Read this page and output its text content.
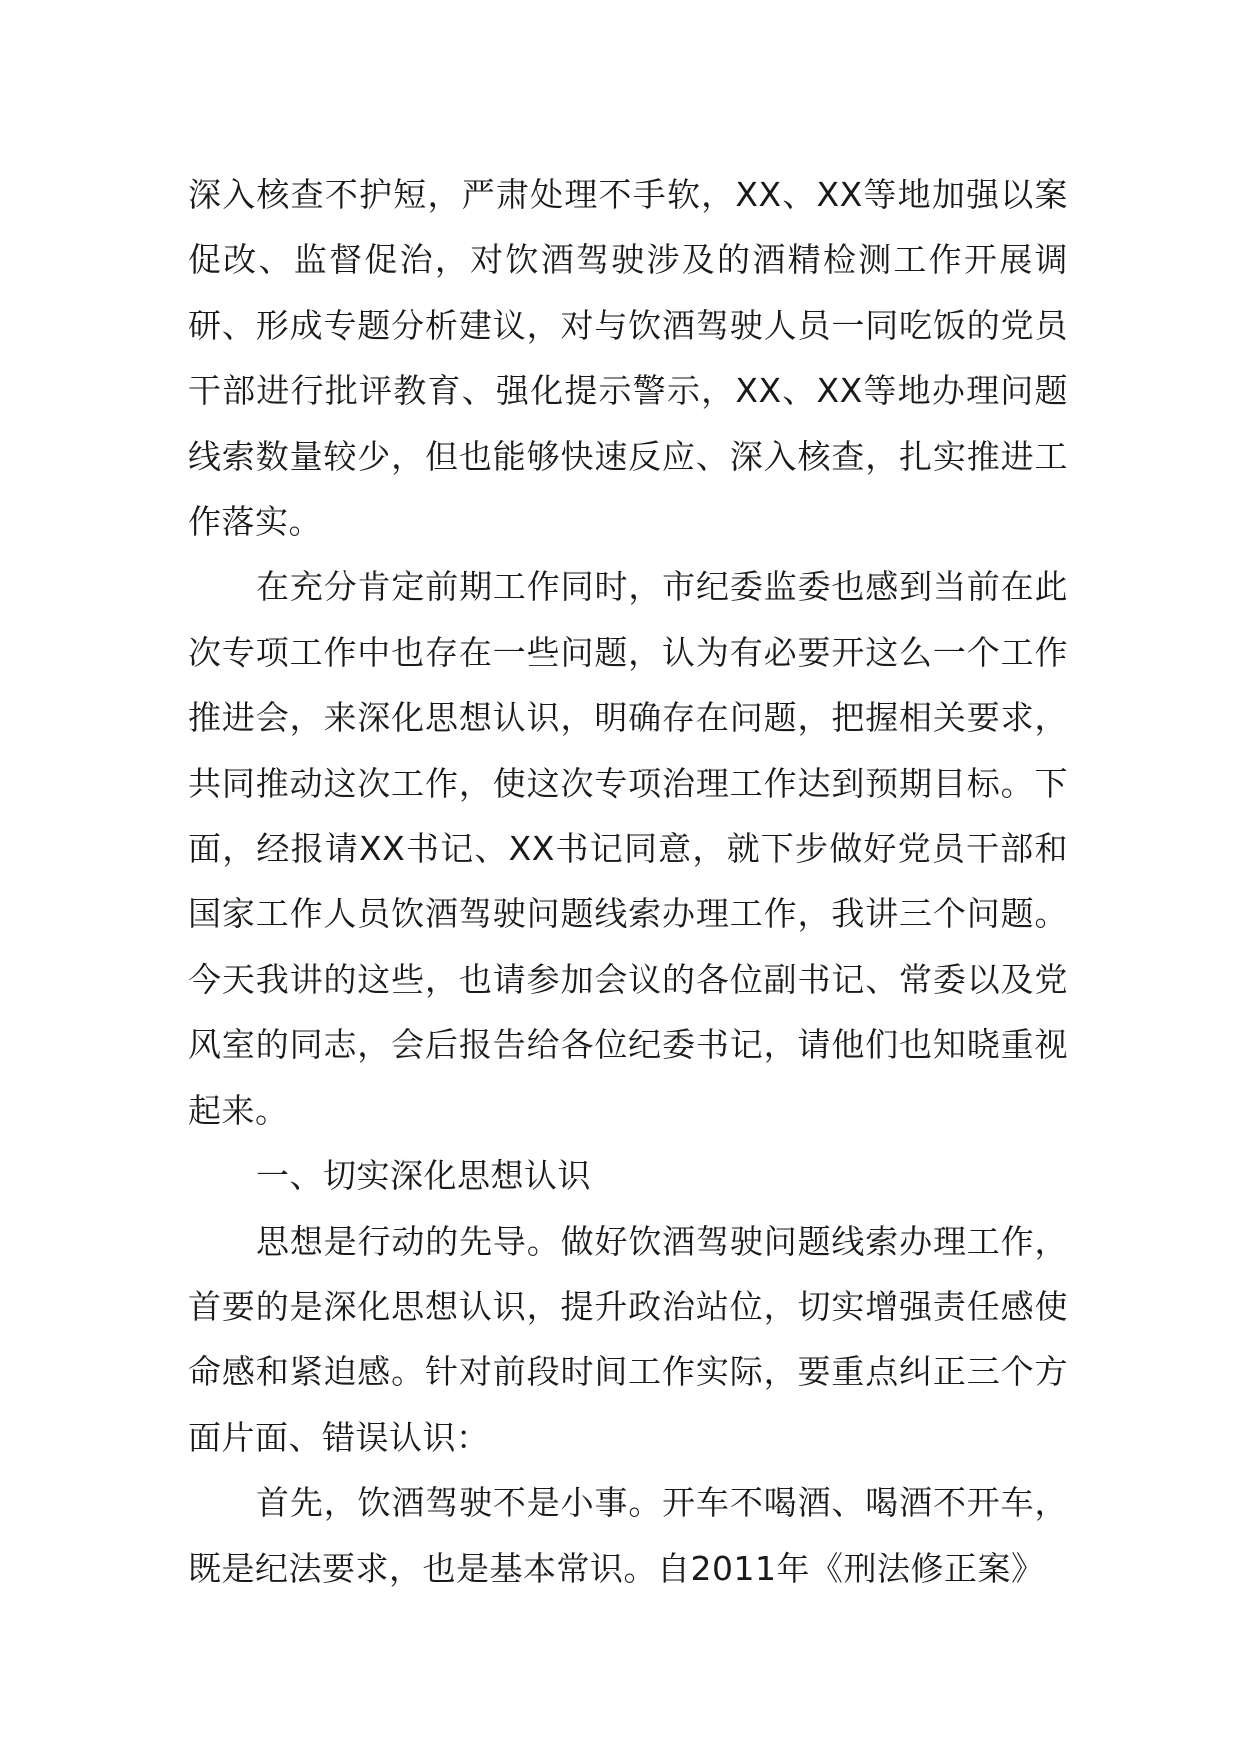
深入核查不护短，严肃处理不手软，XX、XX等地加强以案促改、监督促治，对饮酒驾驶涉及的酒精检测工作开展调研、形成专题分析建议，对与饮酒驾驶人员一同吃饭的党员干部进行批评教育、强化提示警示，XX、XX等地办理问题线索数量较少，但也能够快速反应、深入核查，扎实推进工作落实。

在充分肯定前期工作同时，市纪委监委也感到当前在此次专项工作中也存在一些问题，认为有必要开这么一个工作推进会，来深化思想认识，明确存在问题，把握相关要求，共同推动这次工作，使这次专项治理工作达到预期目标。下面，经报请XX书记、XX书记同意，就下步做好党员干部和国家工作人员饮酒驾驶问题线索办理工作，我讲三个问题。今天我讲的这些，也请参加会议的各位副书记、常委以及党风室的同志，会后报告给各位纪委书记，请他们也知晓重视起来。

一、切实深化思想认识

思想是行动的先导。做好饮酒驾驶问题线索办理工作，首要的是深化思想认识，提升政治站位，切实增强责任感使命感和紧迫感。针对前段时间工作实际，要重点纠正三个方面片面、错误认识：

首先，饮酒驾驶不是小事。开车不喝酒、喝酒不开车，既是纪法要求，也是基本常识。自2011年《刑法修正案》
